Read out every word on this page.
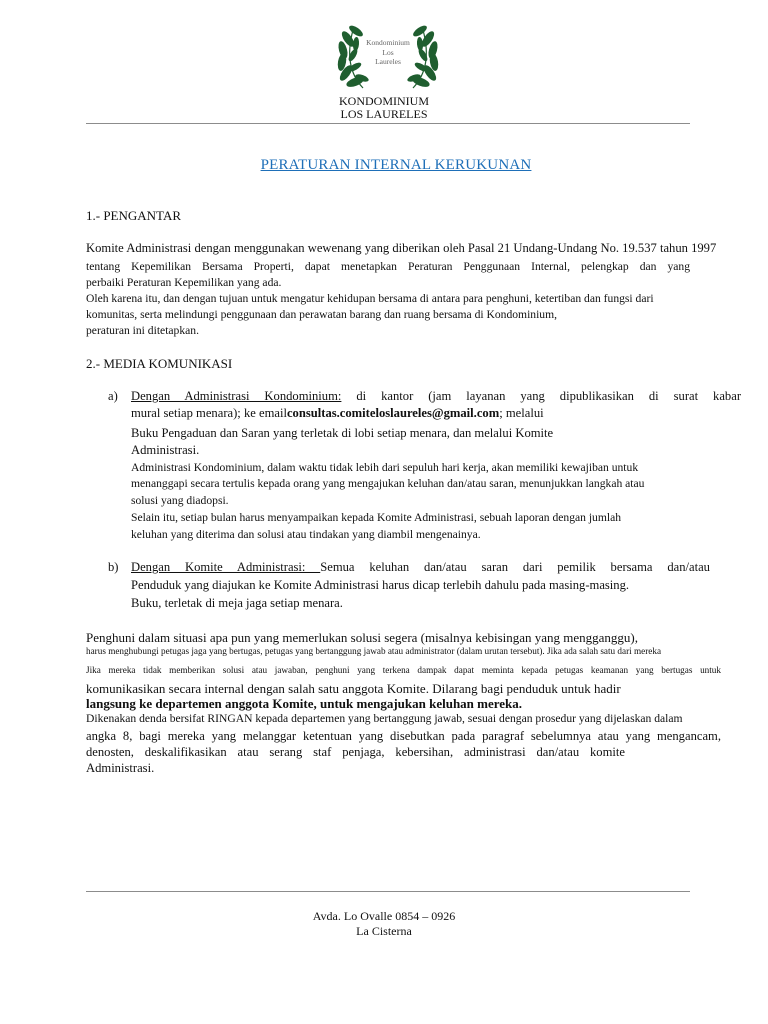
Kondominium
Los
Laureles
KONDOMINIUM
LOS LAURELES
PERATURAN INTERNAL KERUKUNAN
1.- PENGANTAR
Komite Administrasi dengan menggunakan wewenang yang diberikan oleh Pasal 21 Undang-Undang No. 19.537 tahun 1997
tentang Kepemilikan Bersama Properti, dapat menetapkan Peraturan Penggunaan Internal, pelengkap dan yang
perbaiki Peraturan Kepemilikan yang ada.
Oleh karena itu, dan dengan tujuan untuk mengatur kehidupan bersama di antara para penghuni, ketertiban dan fungsi dari
komunitas, serta melindungi penggunaan dan perawatan barang dan ruang bersama di Kondominium,
peraturan ini ditetapkan.
2.- MEDIA KOMUNIKASI
a) Dengan Administrasi Kondominium: di kantor (jam layanan yang dipublikasikan di surat kabar
mural setiap menara); ke emailconsultas.comiteloslaureles@gmail.com; melalui
Buku Pengaduan dan Saran yang terletak di lobi setiap menara, dan melalui Komite
Administrasi.
Administrasi Kondominium, dalam waktu tidak lebih dari sepuluh hari kerja, akan memiliki kewajiban untuk
menanggapi secara tertulis kepada orang yang mengajukan keluhan dan/atau saran, menunjukkan langkah atau
solusi yang diadopsi.
Selain itu, setiap bulan harus menyampaikan kepada Komite Administrasi, sebuah laporan dengan jumlah
keluhan yang diterima dan solusi atau tindakan yang diambil mengenainya.
b) Dengan Komite Administrasi: Semua keluhan dan/atau saran dari pemilik bersama dan/atau
Penduduk yang diajukan ke Komite Administrasi harus dicap terlebih dahulu pada masing-masing.
Buku, terletak di meja jaga setiap menara.
Penghuni dalam situasi apa pun yang memerlukan solusi segera (misalnya kebisingan yang mengganggu),
harus menghubungi petugas jaga yang bertugas, petugas yang bertanggung jawab atau administrator (dalam urutan tersebut). Jika ada salah satu dari mereka
Jika mereka tidak memberikan solusi atau jawaban, penghuni yang terkena dampak dapat meminta kepada petugas keamanan yang bertugas untuk
komunikasikan secara internal dengan salah satu anggota Komite. Dilarang bagi penduduk untuk hadir
langsung ke departemen anggota Komite, untuk mengajukan keluhan mereka.
Dikenakan denda bersifat RINGAN kepada departemen yang bertanggung jawab, sesuai dengan prosedur yang dijelaskan dalam
angka 8, bagi mereka yang melanggar ketentuan yang disebutkan pada paragraf sebelumnya atau yang mengancam,
denosten, deskalifikasikan atau serang staf penjaga, kebersihan, administrasi dan/atau komite
Administrasi.
Avda. Lo Ovalle 0854 – 0926
La Cisterna
